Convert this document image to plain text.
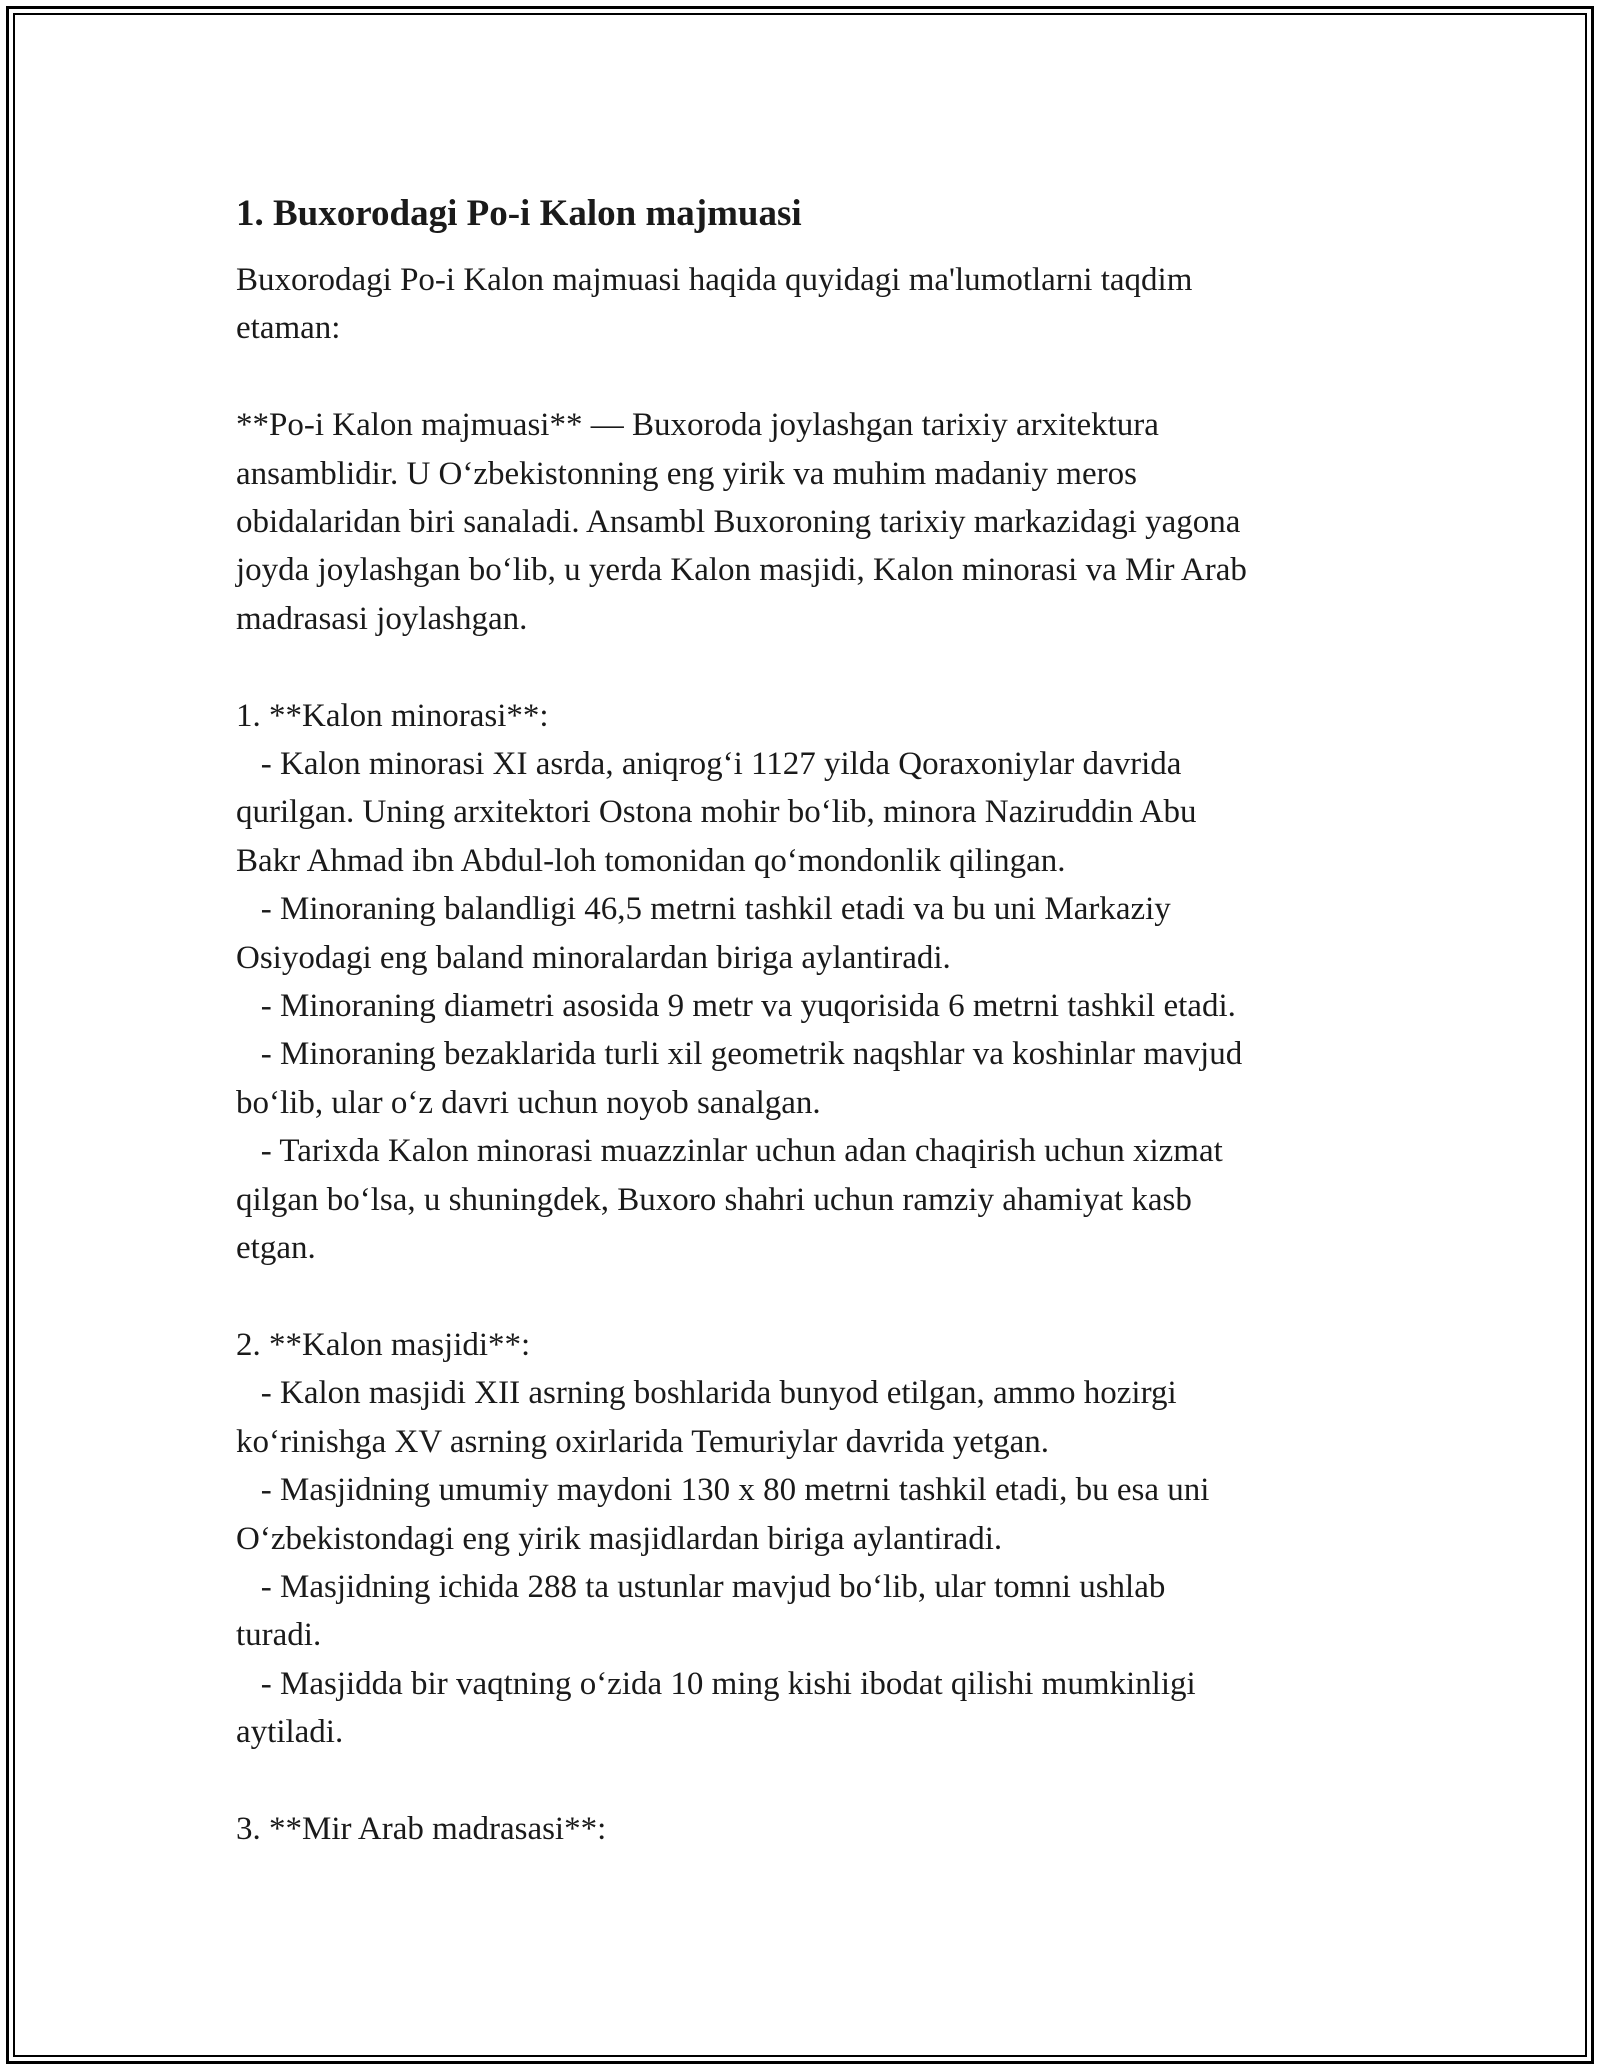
1. Buxorodagi Po-i Kalon majmuasi

Buxorodagi Po-i Kalon majmuasi haqida quyidagi ma'lumotlarni taqdim
etaman:

**Po-i Kalon majmuasi** — Buxoroda joylashgan tarixiy arxitektura
ansamblidir. U O‘zbekistonning eng yirik va muhim madaniy meros
obidalaridan biri sanaladi. Ansambl Buxoroning tarixiy markazidagi yagona
joyda joylashgan bo‘lib, u yerda Kalon masjidi, Kalon minorasi va Mir Arab
madrasasi joylashgan.

1. **Kalon minorasi**:

- Kalon minorasi XI asrda, aniqrog‘i 1127 yilda Qoraxoniylar davrida
qurilgan. Uning arxitektori Ostona mohir bo‘lib, minora Naziruddin Abu
Bakr Ahmad ibn Abdul-loh tomonidan qo‘mondonlik qilingan.

- Minoraning balandligi 46,5 metrni tashkil etadi va bu uni Markaziy
Osiyodagi eng baland minoralardan biriga aylantiradi.

- Minoraning diametri asosida 9 metr va yuqorisida 6 metrni tashkil etadi.

- Minoraning bezaklarida turli xil geometrik naqshlar va koshinlar mavjud
bo‘lib, ular o‘z davri uchun noyob sanalgan.

- Tarixda Kalon minorasi muazzinlar uchun adan chaqirish uchun xizmat
qilgan bo‘lsa, u shuningdek, Buxoro shahri uchun ramziy ahamiyat kasb
etgan.

2. **Kalon masjidi**:

- Kalon masjidi XII asrning boshlarida bunyod etilgan, ammo hozirgi
ko‘rinishga XV asrning oxirlarida Temuriylar davrida yetgan.

- Masjidning umumiy maydoni 130 x 80 metrni tashkil etadi, bu esa uni
O‘zbekistondagi eng yirik masjidlardan biriga aylantiradi.

- Masjidning ichida 288 ta ustunlar mavjud bo‘lib, ular tomni ushlab
turadi.

- Masjidda bir vaqtning o‘zida 10 ming kishi ibodat qilishi mumkinligi
aytiladi.

3. **Mir Arab madrasasi**:
